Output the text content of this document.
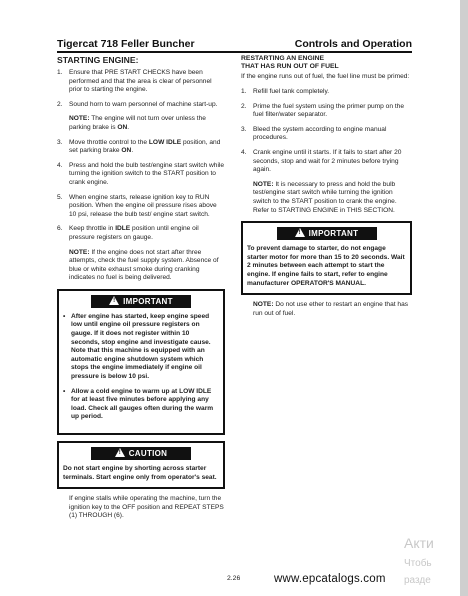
Tigercat 718 Feller Buncher	Controls and Operation
STARTING ENGINE:
1. Ensure that PRE START CHECKS have been performed and that the area is clear of personnel prior to starting the engine.
2. Sound horn to warn personnel of machine start-up.
NOTE: The engine will not turn over unless the parking brake is ON.
3. Move throttle control to the LOW IDLE position, and set parking brake ON.
4. Press and hold the bulb test/engine start switch while turning the ignition switch to the START position to crank engine.
5. When engine starts, release ignition key to RUN position. When the engine oil pressure rises above 10 psi, release the bulb test/ engine start switch.
6. Keep throttle in IDLE position until engine oil pressure registers on gauge.
NOTE: If the engine does not start after three attempts, check the fuel supply system. Absence of blue or white exhaust smoke during cranking indicates no fuel is being delivered.
! IMPORTANT
• After engine has started, keep engine speed low until engine oil pressure registers on gauge. If it does not register within 10 seconds, stop engine and investigate cause. Note that this machine is equipped with an automatic engine shutdown system which stops the engine immediately if engine oil pressure is below 10 psi.
• Allow a cold engine to warm up at LOW IDLE for at least five minutes before applying any load. Check all gauges often during the warm up period.
! CAUTION
Do not start engine by shorting across starter terminals. Start engine only from operator's seat.
If engine stalls while operating the machine, turn the ignition key to the OFF position and REPEAT STEPS (1) THROUGH (6).
RESTARTING AN ENGINE
THAT HAS RUN OUT OF FUEL
If the engine runs out of fuel, the fuel line must be primed:
1. Refill fuel tank completely.
2. Prime the fuel system using the primer pump on the fuel filter/water separator.
3. Bleed the system according to engine manual procedures.
4. Crank engine until it starts. If it fails to start after 20 seconds, stop and wait for 2 minutes before trying again.
NOTE: It is necessary to press and hold the bulb test/engine start switch while turning the ignition switch to the START position to crank the engine. Refer to STARTING ENGINE in THIS SECTION.
! IMPORTANT
To prevent damage to starter, do not engage starter motor for more than 15 to 20 seconds. Wait 2 minutes between each attempt to start the engine. If engine fails to start, refer to engine manufacturer OPERATOR'S MANUAL.
NOTE: Do not use ether to restart an engine that has run out of fuel.
2.26	www.epcatalogs.com
Акти
Чтобь
разде
